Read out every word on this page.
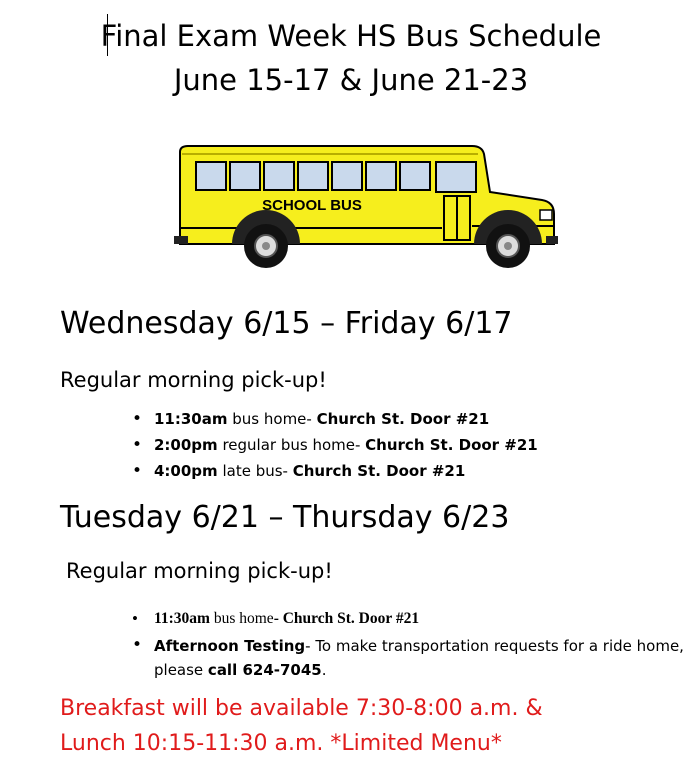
Final Exam Week HS Bus Schedule
June 15-17 & June 21-23
SCHOOL BUS
Wednesday 6/15 – Friday 6/17
Regular morning pick-up!
• 11:30am bus home- Church St. Door #21
• 2:00pm regular bus home- Church St. Door #21
• 4:00pm late bus- Church St. Door #21
Tuesday 6/21 – Thursday 6/23
Regular morning pick-up!
• 11:30am bus home- Church St. Door #21
• Afternoon Testing- To make transportation requests for a ride home,
please call 624-7045.
Breakfast will be available 7:30-8:00 a.m. &
Lunch 10:15-11:30 a.m. *Limited Menu*
